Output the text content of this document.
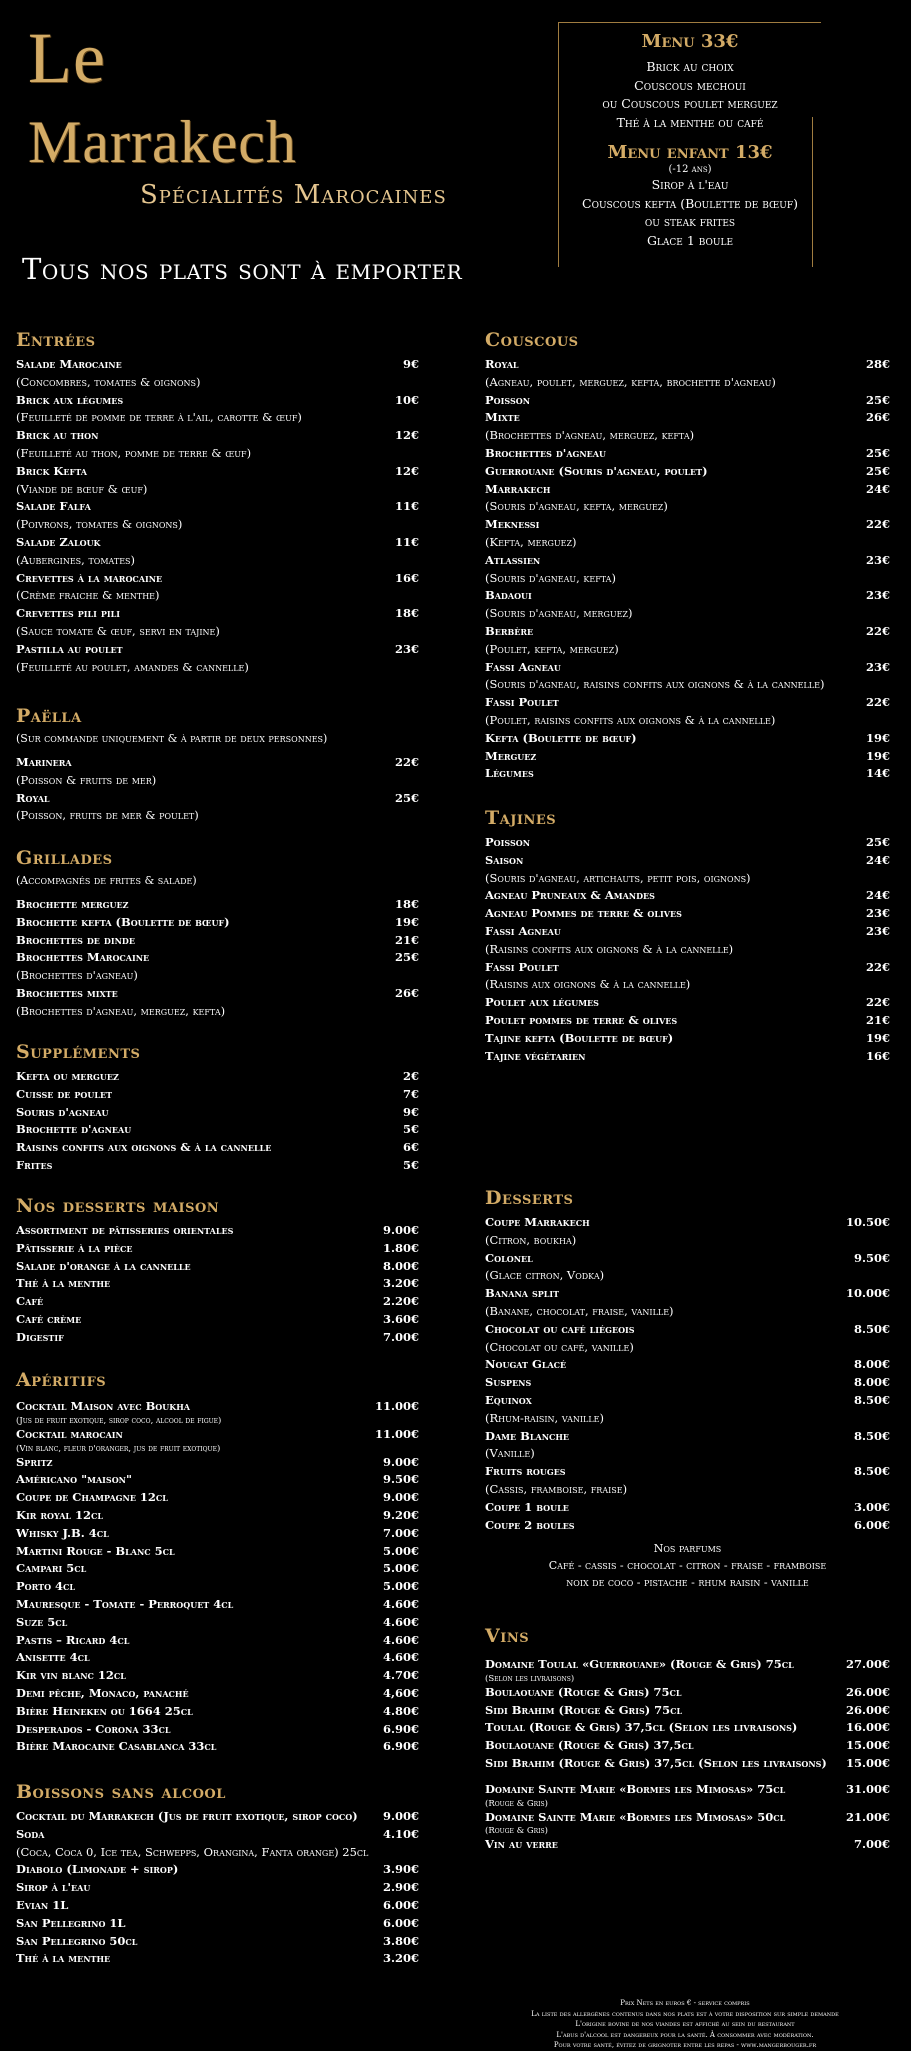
Le
Marrakech
Spécialités Marocaines
Tous nos plats sont à emporter
Menu 33€
Brick au choix
Couscous mechoui
ou Couscous poulet merguez
Thé à la menthe ou café
Menu enfant 13€
(-12 ans)
Sirop à l'eau
Couscous kefta (Boulette de bœuf)
ou steak frites
Glace 1 boule
Entrées
Salade Marocaine	9€
(Concombres, tomates & oignons)
Brick aux légumes	10€
(Feuilleté de pomme de terre à l'ail, carotte & œuf)
Brick au thon	12€
(Feuilleté au thon, pomme de terre & œuf)
Brick Kefta	12€
(Viande de bœuf & œuf)
Salade Falfa	11€
(Poivrons, tomates & oignons)
Salade Zalouk	11€
(Aubergines, tomates)
Crevettes à la marocaine	16€
(Crème fraiche & menthe)
Crevettes pili pili	18€
(Sauce tomate & œuf, servi en tajine)
Pastilla au poulet	23€
(Feuilleté au poulet, amandes & cannelle)
Paëlla
(Sur commande uniquement & à partir de deux personnes)
Marinera	22€
(Poisson & fruits de mer)
Royal	25€
(Poisson, fruits de mer & poulet)
Grillades
(Accompagnés de frites & salade)
Brochette merguez	18€
Brochette kefta (Boulette de bœuf)	19€
Brochettes de dinde	21€
Brochettes Marocaine	25€
(Brochettes d'agneau)
Brochettes mixte	26€
(Brochettes d'agneau, merguez, kefta)
Suppléments
Kefta ou merguez	2€
Cuisse de poulet	7€
Souris d'agneau	9€
Brochette d'agneau	5€
Raisins confits aux oignons & à la cannelle	6€
Frites	5€
Nos desserts maison
Assortiment de pâtisseries orientales	9.00€
Pâtisserie à la pièce	1.80€
Salade d'orange à la cannelle	8.00€
Thé à la menthe	3.20€
Café	2.20€
Café crème	3.60€
Digestif	7.00€
Apéritifs
Cocktail Maison avec Boukha	11.00€
(Jus de fruit exotique, sirop coco, alcool de figue)
Cocktail marocain	11.00€
(Vin blanc, fleur d'oranger, jus de fruit exotique)
Spritz	9.00€
Américano "maison"	9.50€
Coupe de Champagne 12cl	9.00€
Kir royal 12cl	9.20€
Whisky J.B. 4cl	7.00€
Martini Rouge - Blanc 5cl	5.00€
Campari 5cl	5.00€
Porto 4cl	5.00€
Mauresque - Tomate - Perroquet 4cl	4.60€
Suze 5cl	4.60€
Pastis – Ricard 4cl	4.60€
Anisette 4cl	4.60€
Kir vin blanc 12cl	4.70€
Demi pêche, Monaco, panaché	4,60€
Bière Heineken ou 1664 25cl	4.80€
Desperados - Corona 33cl	6.90€
Bière Marocaine Casablanca 33cl	6.90€
Boissons sans alcool
Cocktail du Marrakech (Jus de fruit exotique, sirop coco) 9.00€
Soda	4.10€
(Coca, Coca 0, Ice tea, Schwepps, Orangina, Fanta orange) 25cl
Diabolo (Limonade + sirop)	3.90€
Sirop à l'eau	2.90€
Evian 1L	6.00€
San Pellegrino 1L	6.00€
San Pellegrino 50cl	3.80€
Thé à la menthe	3.20€
Couscous
Royal	28€
(Agneau, poulet, merguez, kefta, brochette d'agneau)
Poisson	25€
Mixte	26€
(Brochettes d'agneau, merguez, kefta)
Brochettes d'agneau	25€
Guerrouane (Souris d'agneau, poulet)	25€
Marrakech	24€
(Souris d'agneau, kefta, merguez)
Meknessi	22€
(Kefta, merguez)
Atlassien	23€
(Souris d'agneau, kefta)
Badaoui	23€
(Souris d'agneau, merguez)
Berbère	22€
(Poulet, kefta, merguez)
Fassi Agneau	23€
(Souris d'agneau, raisins confits aux oignons & à la cannelle)
Fassi Poulet	22€
(Poulet, raisins confits aux oignons & à la cannelle)
Kefta (Boulette de bœuf)	19€
Merguez	19€
Légumes	14€
Tajines
Poisson	25€
Saison	24€
(Souris d'agneau, artichauts, petit pois, oignons)
Agneau Pruneaux & Amandes	24€
Agneau Pommes de terre & olives	23€
Fassi Agneau	23€
(Raisins confits aux oignons & à la cannelle)
Fassi Poulet	22€
(Raisins aux oignons & à la cannelle)
Poulet aux légumes	22€
Poulet pommes de terre & olives	21€
Tajine kefta (Boulette de bœuf)	19€
Tajine végétarien	16€
Desserts
Coupe Marrakech	10.50€
(Citron, boukha)
Colonel	9.50€
(Glace citron, Vodka)
Banana split	10.00€
(Banane, chocolat, fraise, vanille)
Chocolat ou café liégeois	8.50€
(Chocolat ou café, vanille)
Nougat Glacé	8.00€
Suspens	8.00€
Equinox	8.50€
(Rhum-raisin, vanille)
Dame Blanche	8.50€
(Vanille)
Fruits rouges	8.50€
(Cassis, framboise, fraise)
Coupe 1 boule	3.00€
Coupe 2 boules	6.00€
Nos parfums
Café - cassis - chocolat - citron - fraise - framboise
noix de coco - pistache - rhum raisin - vanille
Vins
Domaine Toulal «Guerrouane» (Rouge & Gris) 75cl	27.00€
(Selon les livraisons)
Boulaouane (Rouge & Gris) 75cl	26.00€
Sidi Brahim (Rouge & Gris) 75cl	26.00€
Toulal (Rouge & Gris) 37,5cl (Selon les livraisons)	16.00€
Boulaouane (Rouge & Gris) 37,5cl	15.00€
Sidi Brahim (Rouge & Gris) 37,5cl (Selon les livraisons) 15.00€
Domaine Sainte Marie «Bormes les Mimosas» 75cl	31.00€
(Rouge & Gris)
Domaine Sainte Marie «Bormes les Mimosas» 50cl	21.00€
(Rouge & Gris)
Vin au verre	7.00€
Prix Nets en euros € - service compris
La liste des allergènes contenus dans nos plats est à votre disposition sur simple demande
L'origine bovine de nos viandes est affiché au sein du restaurant
L'abus d'alcool est dangereux pour la santé. À consommer avec modération.
Pour votre santé, évitez de grignoter entre les repas - www.mangerbouger.fr
